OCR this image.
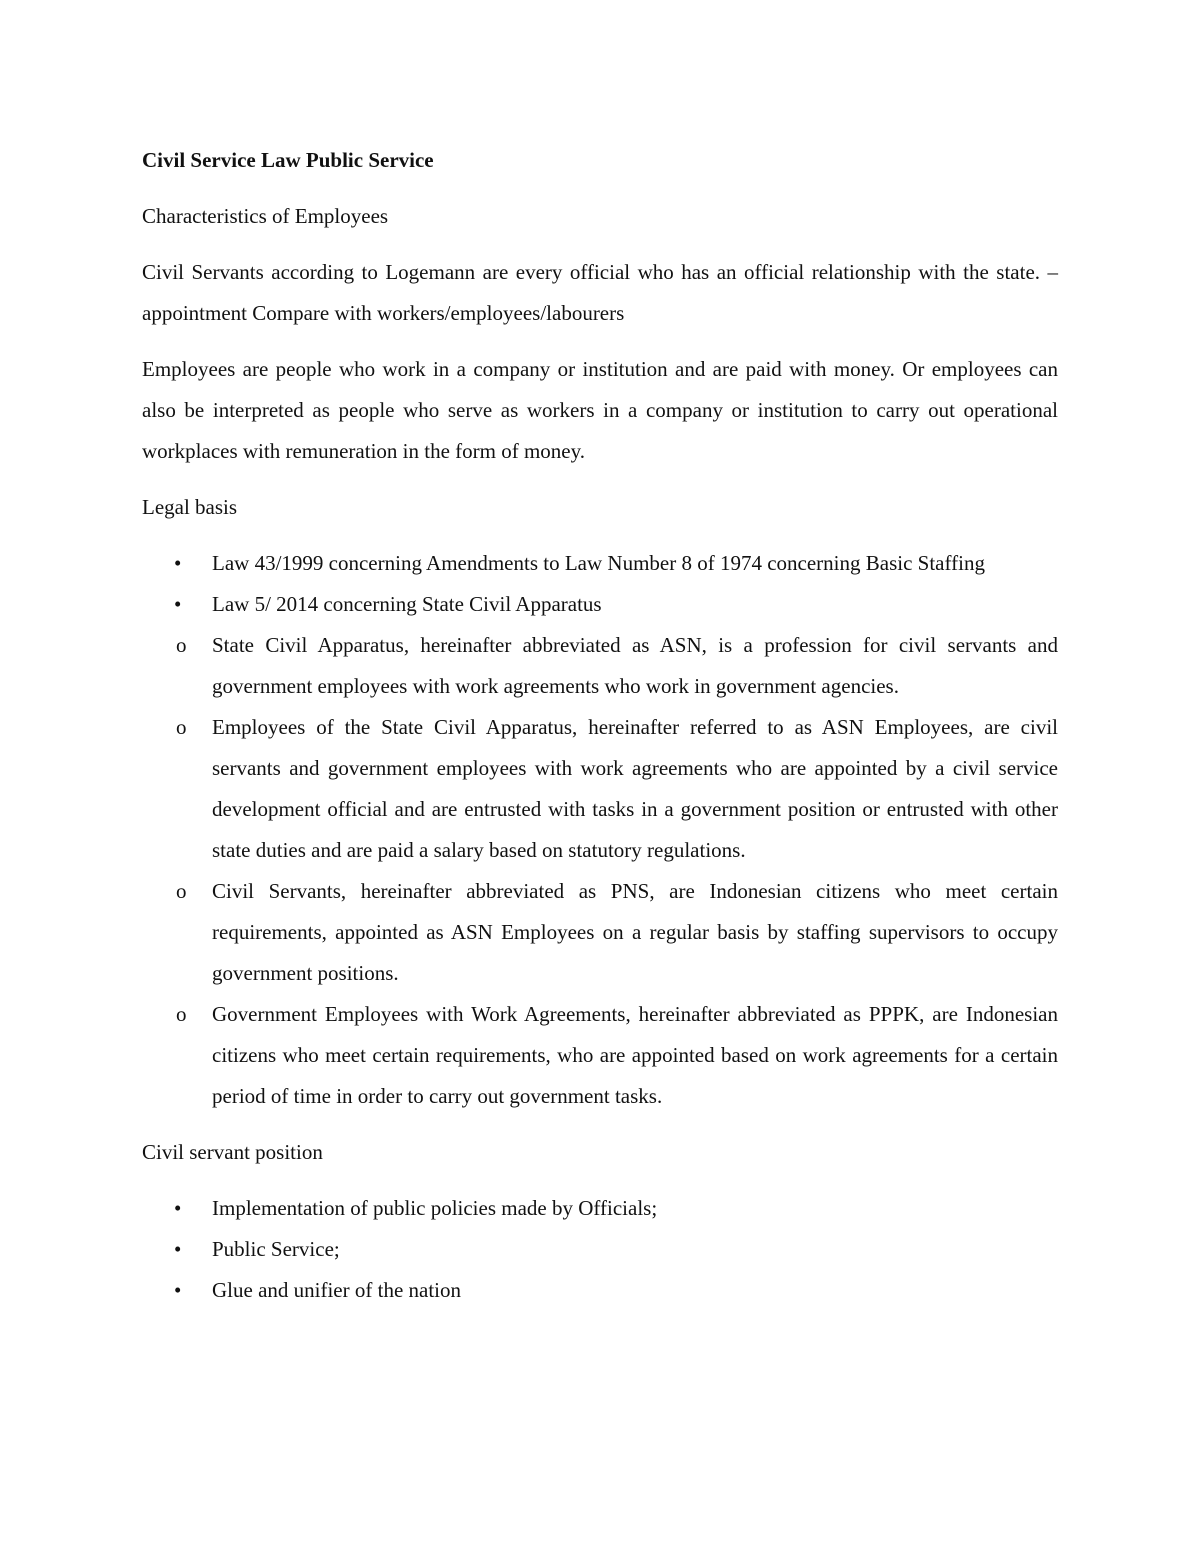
Civil Service Law Public Service

Characteristics of Employees

Civil Servants according to Logemann are every official who has an official relationship with the state. – appointment Compare with workers/employees/labourers

Employees are people who work in a company or institution and are paid with money. Or employees can also be interpreted as people who serve as workers in a company or institution to carry out operational workplaces with remuneration in the form of money.

Legal basis

•	Law 43/1999 concerning Amendments to Law Number 8 of 1974 concerning Basic Staffing
•	Law 5/ 2014 concerning State Civil Apparatus
o	State Civil Apparatus, hereinafter abbreviated as ASN, is a profession for civil servants and government employees with work agreements who work in government agencies.
o	Employees of the State Civil Apparatus, hereinafter referred to as ASN Employees, are civil servants and government employees with work agreements who are appointed by a civil service development official and are entrusted with tasks in a government position or entrusted with other state duties and are paid a salary based on statutory regulations.
o	Civil Servants, hereinafter abbreviated as PNS, are Indonesian citizens who meet certain requirements, appointed as ASN Employees on a regular basis by staffing supervisors to occupy government positions.
o	Government Employees with Work Agreements, hereinafter abbreviated as PPPK, are Indonesian citizens who meet certain requirements, who are appointed based on work agreements for a certain period of time in order to carry out government tasks.

Civil servant position

•	Implementation of public policies made by Officials;
•	Public Service;
•	Glue and unifier of the nation
